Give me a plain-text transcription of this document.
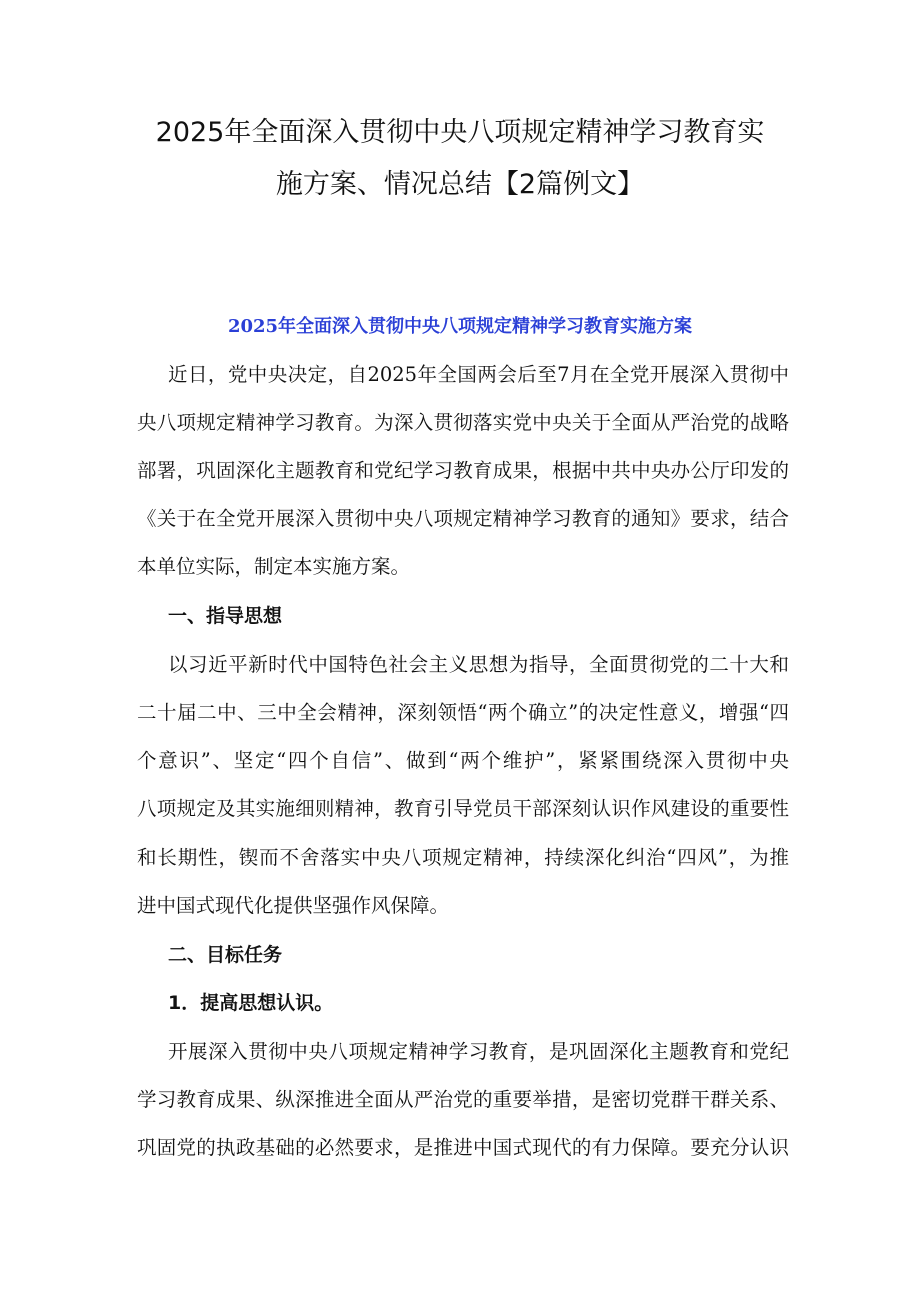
2025年全面深入贯彻中央八项规定精神学习教育实
施方案、情况总结【2篇例文】
2025年全面深入贯彻中央八项规定精神学习教育实施方案
近日，党中央决定，自2025年全国两会后至7月在全党开展深入贯彻中
央八项规定精神学习教育。为深入贯彻落实党中央关于全面从严治党的战略
部署，巩固深化主题教育和党纪学习教育成果，根据中共中央办公厅印发的
《关于在全党开展深入贯彻中央八项规定精神学习教育的通知》要求，结合
本单位实际，制定本实施方案。
一、指导思想
以习近平新时代中国特色社会主义思想为指导，全面贯彻党的二十大和
二十届二中、三中全会精神，深刻领悟“两个确立”的决定性意义，增强“四
个意识”、坚定“四个自信”、做到“两个维护”，紧紧围绕深入贯彻中央
八项规定及其实施细则精神，教育引导党员干部深刻认识作风建设的重要性
和长期性，锲而不舍落实中央八项规定精神，持续深化纠治“四风”，为推
进中国式现代化提供坚强作风保障。
二、目标任务
1．提高思想认识。
开展深入贯彻中央八项规定精神学习教育，是巩固深化主题教育和党纪
学习教育成果、纵深推进全面从严治党的重要举措，是密切党群干群关系、
巩固党的执政基础的必然要求，是推进中国式现代的有力保障。要充分认识
